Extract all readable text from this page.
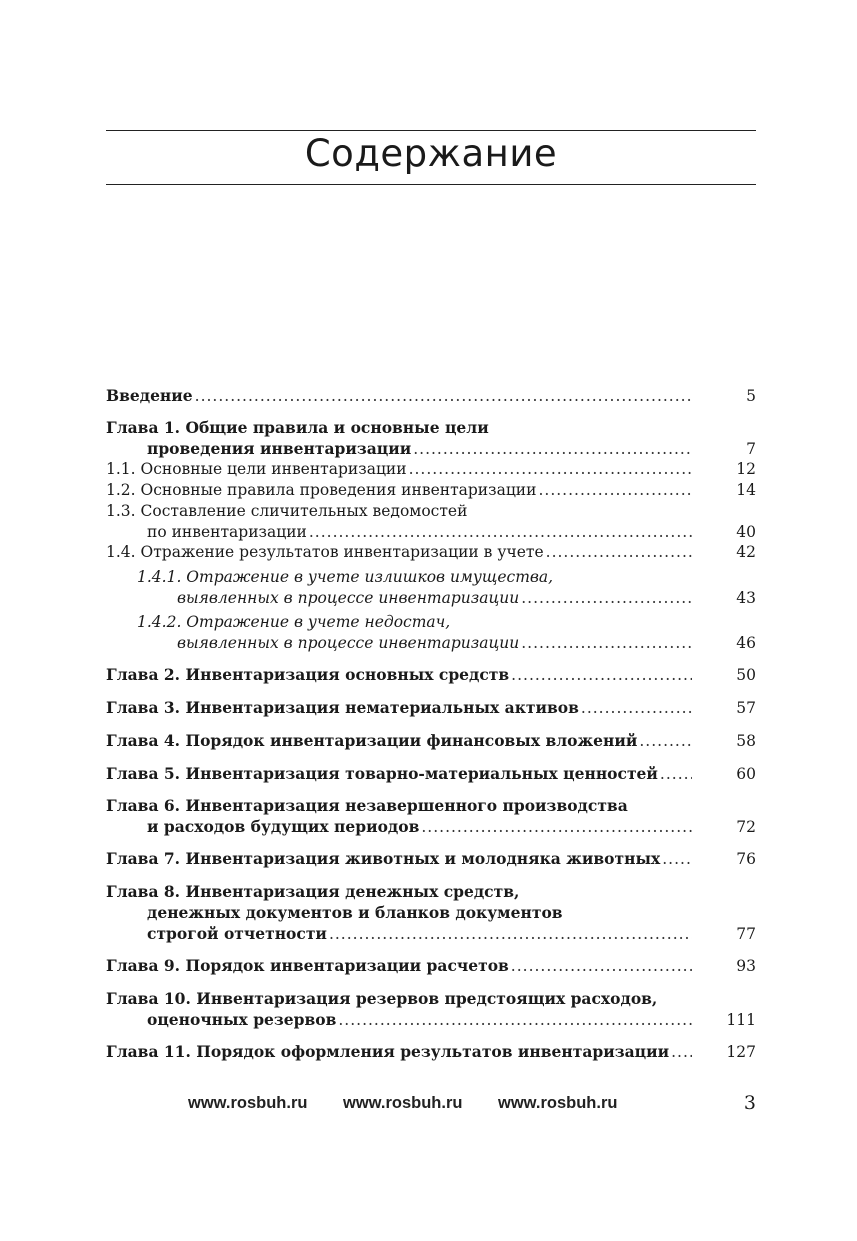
Содержание
Введение .....	5
Глава 1. Общие правила и основные цели
проведения инвентаризации .....	7
1.1. Основные цели инвентаризации .....	12
1.2. Основные правила проведения инвентаризации .....	14
1.3. Составление сличительных ведомостей
по инвентаризации .....	40
1.4. Отражение результатов инвентаризации в учете .....	42
1.4.1. Отражение в учете излишков имущества,
выявленных в процессе инвентаризации .....	43
1.4.2. Отражение в учете недостач,
выявленных в процессе инвентаризации .....	46
Глава 2. Инвентаризация основных средств .....	50
Глава 3. Инвентаризация нематериальных активов .....	57
Глава 4. Порядок инвентаризации финансовых вложений .....	58
Глава 5. Инвентаризация товарно-материальных ценностей .....	60
Глава 6. Инвентаризация незавершенного производства
и расходов будущих периодов .....	72
Глава 7. Инвентаризация животных и молодняка животных .....	76
Глава 8. Инвентаризация денежных средств,
денежных документов и бланков документов
строгой отчетности .....	77
Глава 9. Порядок инвентаризации расчетов .....	93
Глава 10. Инвентаризация резервов предстоящих расходов,
оценочных резервов .....	111
Глава 11. Порядок оформления результатов инвентаризации .....	127
www.rosbuh.ru www.rosbuh.ru www.rosbuh.ru	3
